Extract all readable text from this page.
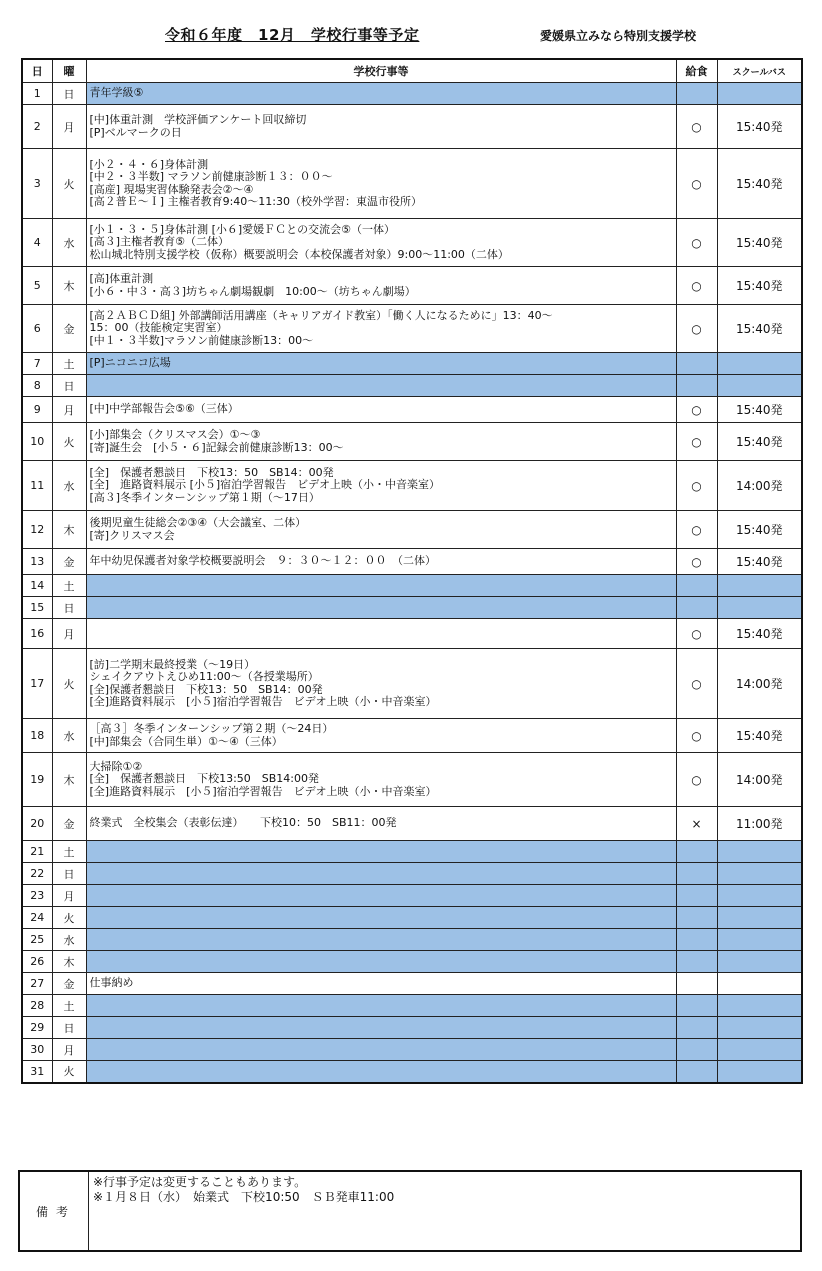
令和６年度　12月　学校行事等予定	愛媛県立みなら特別支援学校
日	曜	学校行事等	給食	スクールバス
1	日	青年学級⑤		
2	月	[中]体重計測　学校評価アンケート回収締切
[P]ベルマークの日	○	15:40発
3	火	[小２・４・６]身体計測
[中２・３半数] マラソン前健康診断１３：００～
[高産] 現場実習体験発表会②～④
[高２普Ｅ～Ｉ] 主権者教育9:40～11:30（校外学習：東温市役所）	○	15:40発
4	水	[小１・３・５]身体計測 [小６]愛媛ＦＣとの交流会⑤（一体）
[高３]主権者教育⑤（二体）
松山城北特別支援学校（仮称）概要説明会（本校保護者対象）9:00～11:00（二体）	○	15:40発
5	木	[高]体重計測
[小６・中３・高３]坊ちゃん劇場観劇　10:00～（坊ちゃん劇場）	○	15:40発
6	金	[高２ＡＢＣＤ組] 外部講師活用講座（キャリアガイド教室）「働く人になるために」13：40～
15：00（技能検定実習室）
[中１・３半数]マラソン前健康診断13：00～	○	15:40発
7	土	[P]ニコニコ広場		
8	日			
9	月	[中]中学部報告会⑤⑥（三体）	○	15:40発
10	火	[小]部集会（クリスマス会）①～③
[寄]誕生会　[小５・６]記録会前健康診断13：00～	○	15:40発
11	水	[全]　保護者懇談日　下校13：50　SB14：00発
[全]　進路資料展示 [小５]宿泊学習報告　ビデオ上映（小・中音楽室）
[高３]冬季インターンシップ第１期（～17日）	○	14:00発
12	木	後期児童生徒総会②③④（大会議室、二体）
[寄]クリスマス会	○	15:40発
13	金	年中幼児保護者対象学校概要説明会　９：３０～１２：００　（二体）	○	15:40発
14	土			
15	日			
16	月		○	15:40発
17	火	[訪]二学期末最終授業（～19日）
シェイクアウトえひめ11:00～（各授業場所）
[全]保護者懇談日　下校13：50　SB14：00発
[全]進路資料展示　[小５]宿泊学習報告　ビデオ上映（小・中音楽室）	○	14:00発
18	水	［高３］冬季インターンシップ第２期（～24日）
[中]部集会（合同生単）①～④（三体）	○	15:40発
19	木	大掃除①②
[全]　保護者懇談日　下校13:50　SB14:00発
[全]進路資料展示　[小５]宿泊学習報告　ビデオ上映（小・中音楽室）	○	14:00発
20	金	終業式　全校集会（表彰伝達）　　下校10：50　SB11：00発	×	11:00発
21	土			
22	日			
23	月			
24	火			
25	水			
26	木			
27	金	仕事納め		
28	土			
29	日			
30	月			
31	火			
備考
※行事予定は変更することもあります。
※１月８日（水）　始業式　下校10:50　ＳＢ発車11:00
